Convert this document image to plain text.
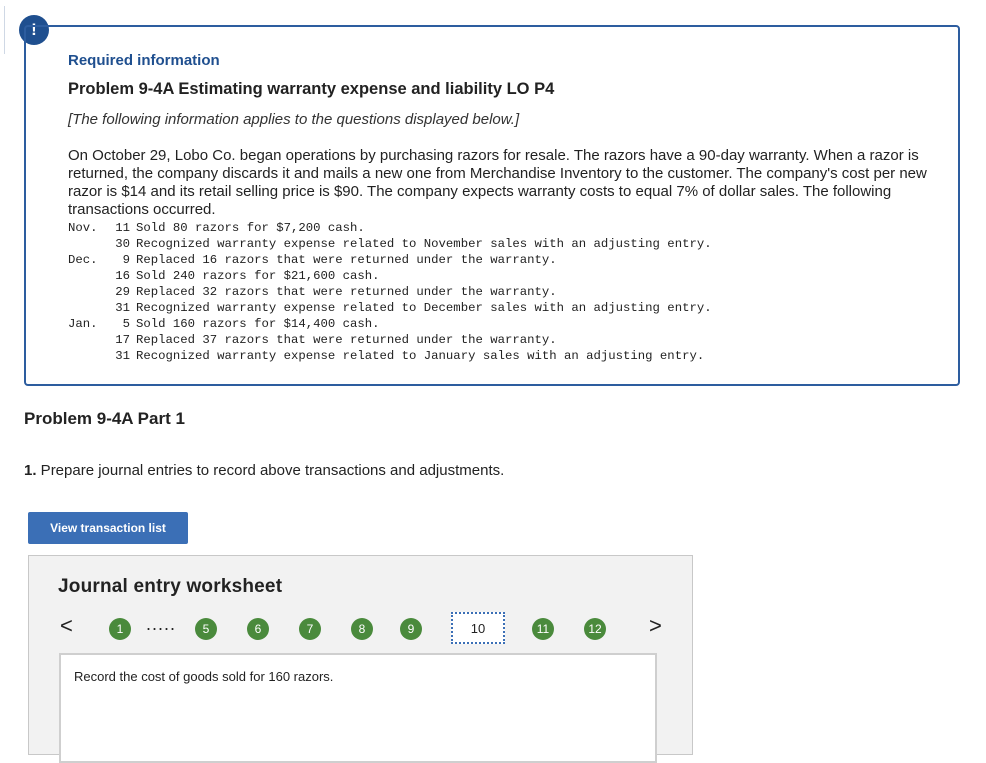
!
Required information
Problem 9-4A Estimating warranty expense and liability LO P4
[The following information applies to the questions displayed below.]
On October 29, Lobo Co. began operations by purchasing razors for resale. The razors have a 90-day warranty. When a razor is returned, the company discards it and mails a new one from Merchandise Inventory to the customer. The company's cost per new razor is $14 and its retail selling price is $90. The company expects warranty costs to equal 7% of dollar sales. The following transactions occurred.
Nov.	11	Sold 80 razors for $7,200 cash.
	30	Recognized warranty expense related to November sales with an adjusting entry.
Dec.	9	Replaced 16 razors that were returned under the warranty.
	16	Sold 240 razors for $21,600 cash.
	29	Replaced 32 razors that were returned under the warranty.
	31	Recognized warranty expense related to December sales with an adjusting entry.
Jan.	5	Sold 160 razors for $14,400 cash.
	17	Replaced 37 razors that were returned under the warranty.
	31	Recognized warranty expense related to January sales with an adjusting entry.
Problem 9-4A Part 1
1. Prepare journal entries to record above transactions and adjustments.
View transaction list
Journal entry worksheet
<	1	.....	5	6	7	8	9	10	11	12 >
Record the cost of goods sold for 160 razors.
